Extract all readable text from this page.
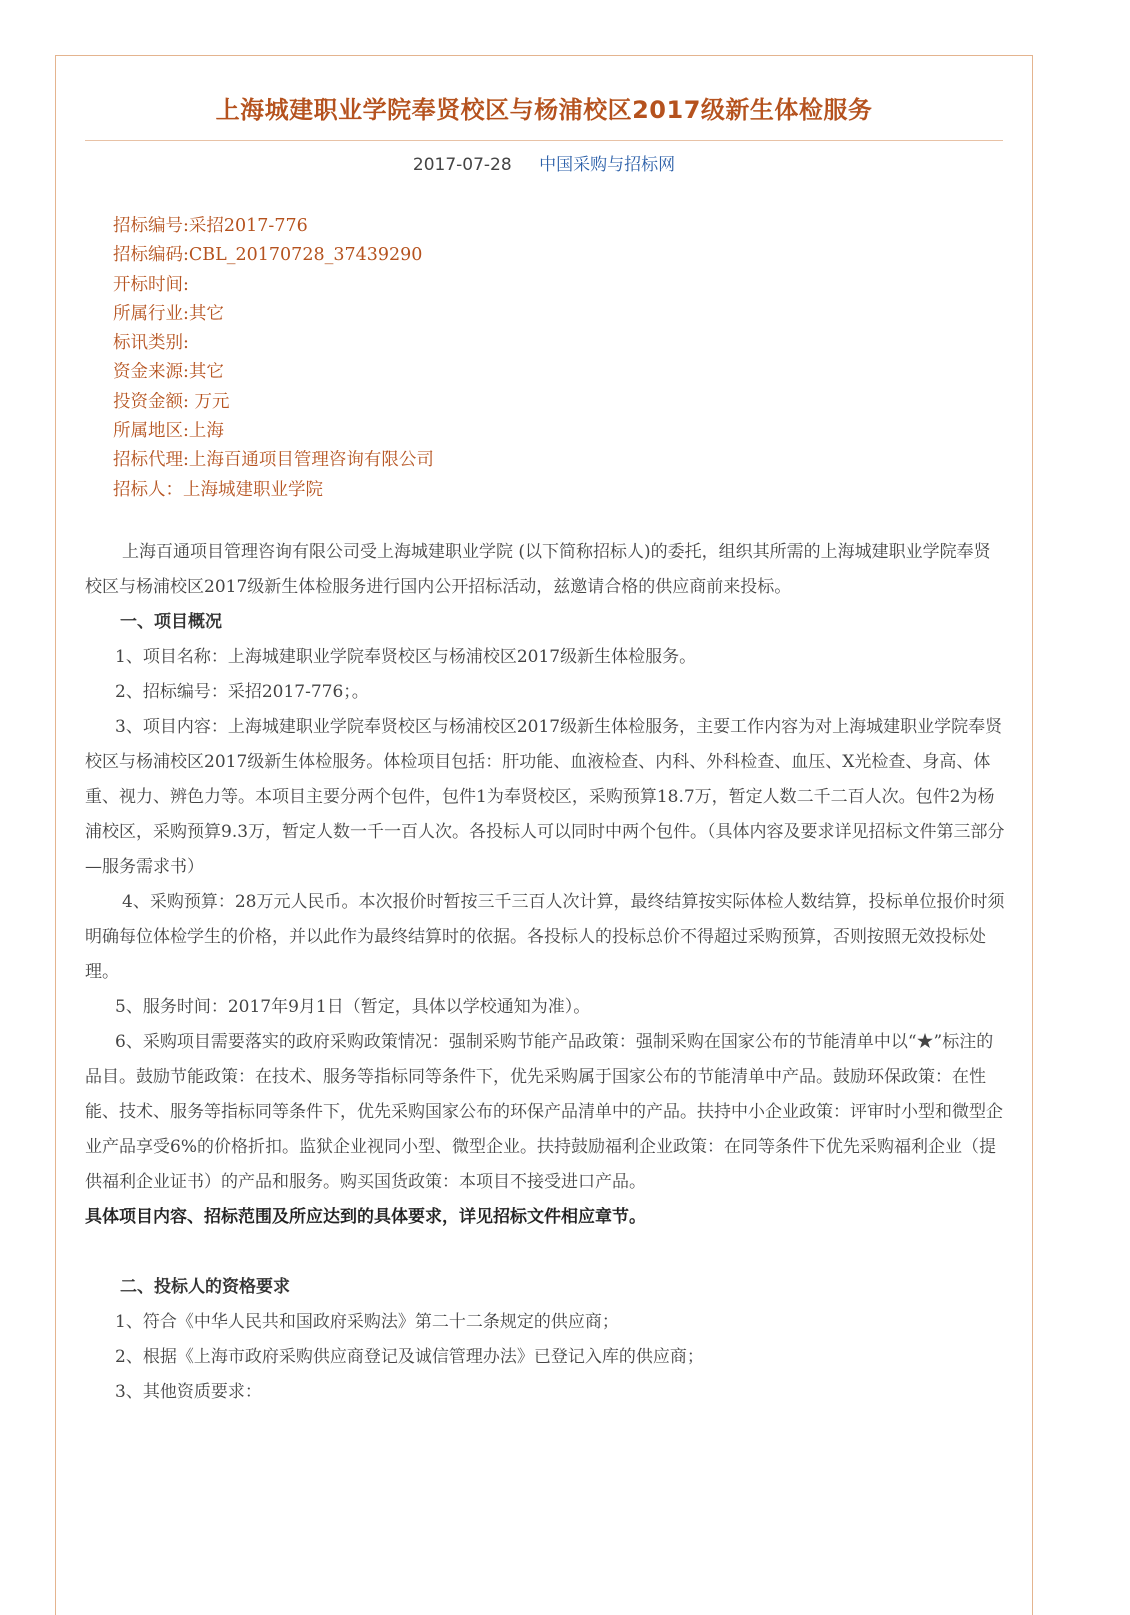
上海城建职业学院奉贤校区与杨浦校区2017级新生体检服务
2017-07-28 中国采购与招标网
招标编号:采招2017-776
招标编码:CBL_20170728_37439290
开标时间:
所属行业:其它
标讯类别:
资金来源:其它
投资金额: 万元
所属地区:上海
招标代理:上海百通项目管理咨询有限公司
招标人：上海城建职业学院

上海百通项目管理咨询有限公司受上海城建职业学院 (以下简称招标人)的委托，组织其所需的上海城建职业学院奉贤校区与杨浦校区2017级新生体检服务进行国内公开招标活动，兹邀请合格的供应商前来投标。

一、项目概况

1、项目名称：上海城建职业学院奉贤校区与杨浦校区2017级新生体检服务。

2、招标编号：采招2017-776；。

3、项目内容：上海城建职业学院奉贤校区与杨浦校区2017级新生体检服务，主要工作内容为对上海城建职业学院奉贤校区与杨浦校区2017级新生体检服务。体检项目包括：肝功能、血液检查、内科、外科检查、血压、X光检查、身高、体重、视力、辨色力等。本项目主要分两个包件，包件1为奉贤校区，采购预算18.7万，暂定人数二千二百人次。包件2为杨浦校区，采购预算9.3万，暂定人数一千一百人次。各投标人可以同时中两个包件。（具体内容及要求详见招标文件第三部分—服务需求书）

4、采购预算：28万元人民币。本次报价时暂按三千三百人次计算，最终结算按实际体检人数结算，投标单位报价时须明确每位体检学生的价格，并以此作为最终结算时的依据。各投标人的投标总价不得超过采购预算，否则按照无效投标处理。

5、服务时间：2017年9月1日（暂定，具体以学校通知为准）。

6、采购项目需要落实的政府采购政策情况：强制采购节能产品政策：强制采购在国家公布的节能清单中以“★”标注的品目。鼓励节能政策：在技术、服务等指标同等条件下，优先采购属于国家公布的节能清单中产品。鼓励环保政策：在性能、技术、服务等指标同等条件下，优先采购国家公布的环保产品清单中的产品。扶持中小企业政策：评审时小型和微型企业产品享受6%的价格折扣。监狱企业视同小型、微型企业。扶持鼓励福利企业政策：在同等条件下优先采购福利企业（提供福利企业证书）的产品和服务。购买国货政策：本项目不接受进口产品。

具体项目内容、招标范围及所应达到的具体要求，详见招标文件相应章节。

二、投标人的资格要求

1、符合《中华人民共和国政府采购法》第二十二条规定的供应商；

2、根据《上海市政府采购供应商登记及诚信管理办法》已登记入库的供应商；

3、其他资质要求：
